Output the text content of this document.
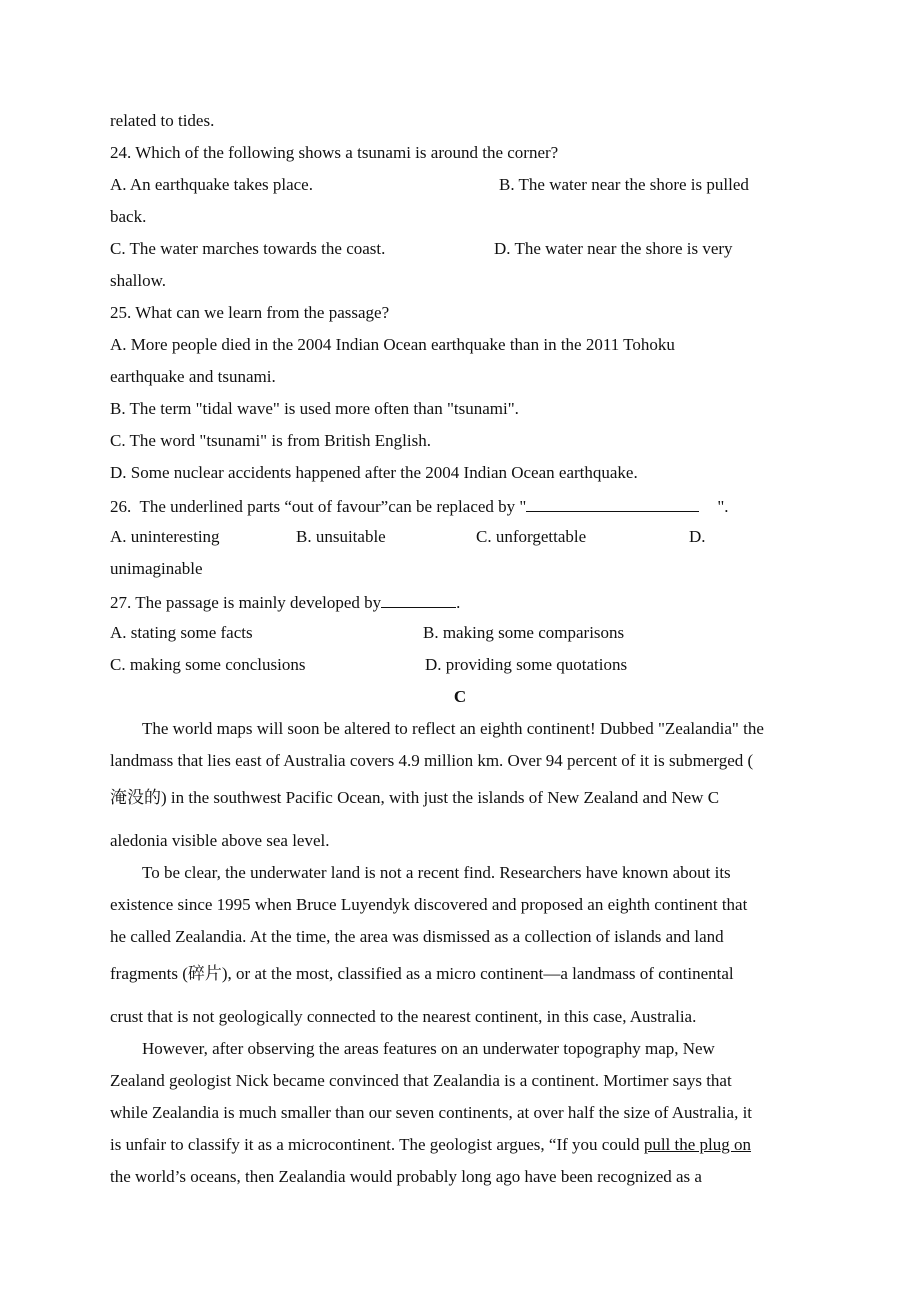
related to tides.
24. Which of the following shows a tsunami is around the corner?
A. An earthquake takes place.	B. The water near the shore is pulled
back.
C. The water marches towards the coast.	D. The water near the shore is very
shallow.
25. What can we learn from the passage?
A. More people died in the 2004 Indian Ocean earthquake than in the 2011 Tohoku
earthquake and tsunami.
B. The term "tidal wave" is used more often than "tsunami".
C. The word "tsunami" is from British English.
D. Some nuclear accidents happened after the 2004 Indian Ocean earthquake.
26.  The underlined parts “out of favour”can be replaced by "	".
A. uninteresting	B. unsuitable	C. unforgettable	D.
unimaginable
27. The passage is mainly developed by	.
A. stating some facts	B. making some comparisons
C. making some conclusions	D. providing some quotations
C
The world maps will soon be altered to reflect an eighth continent! Dubbed "Zealandia" the
landmass that lies east of Australia covers 4.9 million km. Over 94 percent of it is submerged (
淹没的) in the southwest Pacific Ocean, with just the islands of New Zealand and New C
aledonia visible above sea level.
To be clear, the underwater land is not a recent find. Researchers have known about its
existence since 1995 when Bruce Luyendyk discovered and proposed an eighth continent that
he called Zealandia. At the time, the area was dismissed as a collection of islands and land
fragments (碎片), or at the most, classified as a micro continent—a landmass of continental
crust that is not geologically connected to the nearest continent, in this case, Australia.
However, after observing the areas features on an underwater topography map, New
Zealand geologist Nick became convinced that Zealandia is a continent. Mortimer says that
while Zealandia is much smaller than our seven continents, at over half the size of Australia, it
is unfair to classify it as a microcontinent. The geologist argues, “If you could pull the plug on
the world’s oceans, then Zealandia would probably long ago have been recognized as a
